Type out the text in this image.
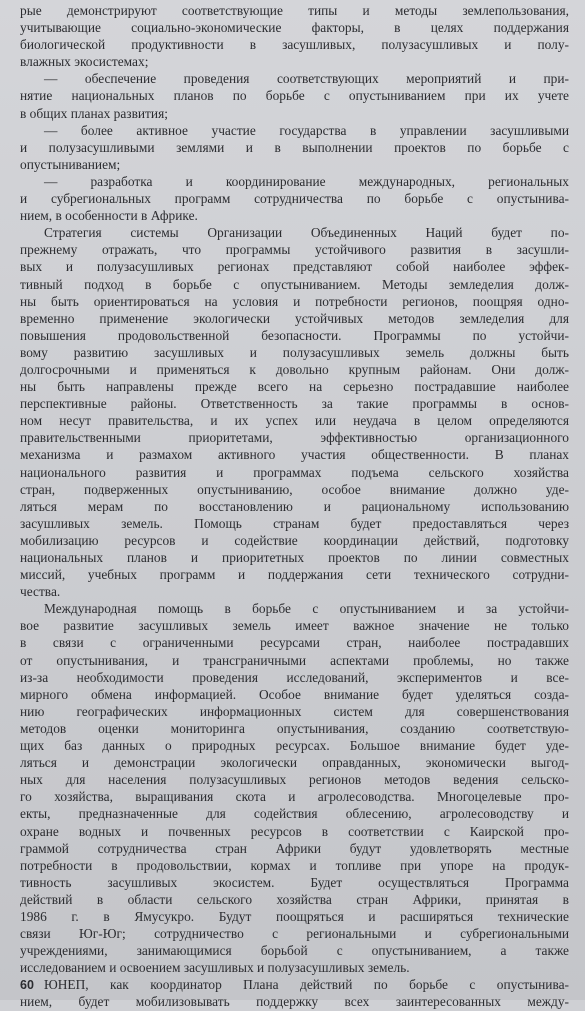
рые демонстрируют соответствующие типы и методы землепользования,
учитывающие социально-экономические факторы, в целях поддержания
биологической продуктивности в засушливых, полузасушливых и полу-
влажных экосистемах;
— обеспечение проведения соответствующих мероприятий и при-
нятие национальных планов по борьбе с опустыниванием при их учете
в общих планах развития;
— более активное участие государства в управлении засушливыми
и полузасушливыми землями и в выполнении проектов по борьбе с
опустыниванием;
— разработка и координирование международных, региональных
и субрегиональных программ сотрудничества по борьбе с опустынива-
нием, в особенности в Африке.
Стратегия системы Организации Объединенных Наций будет по-
прежнему отражать, что программы устойчивого развития в засушли-
вых и полузасушливых регионах представляют собой наиболее эффек-
тивный подход в борьбе с опустыниванием. Методы земледелия долж-
ны быть ориентироваться на условия и потребности регионов, поощряя одно-
временно применение экологически устойчивых методов земледелия для
повышения продовольственной безопасности. Программы по устойчи-
вому развитию засушливых и полузасушливых земель должны быть
долгосрочными и применяться к довольно крупным районам. Они долж-
ны быть направлены прежде всего на серьезно пострадавшие наиболее
перспективные районы. Ответственность за такие программы в основ-
ном несут правительства, и их успех или неудача в целом определяются
правительственными приоритетами, эффективностью организационного
механизма и размахом активного участия общественности. В планах
национального развития и программах подъема сельского хозяйства
стран, подверженных опустыниванию, особое внимание должно уде-
ляться мерам по восстановлению и рациональному использованию
засушливых земель. Помощь странам будет предоставляться через
мобилизацию ресурсов и содействие координации действий, подготовку
национальных планов и приоритетных проектов по линии совместных
миссий, учебных программ и поддержания сети технического сотрудни-
чества.
Международная помощь в борьбе с опустыниванием и за устойчи-
вое развитие засушливых земель имеет важное значение не только
в связи с ограниченными ресурсами стран, наиболее пострадавших
от опустынивания, и трансграничными аспектами проблемы, но также
из-за необходимости проведения исследований, экспериментов и все-
мирного обмена информацией. Особое внимание будет уделяться созда-
нию географических информационных систем для совершенствования
методов оценки мониторинга опустынивания, созданию соответствую-
щих баз данных о природных ресурсах. Большое внимание будет уде-
ляться и демонстрации экологически оправданных, экономически выгод-
ных для населения полузасушливых регионов методов ведения сельско-
го хозяйства, выращивания скота и агролесоводства. Многоцелевые про-
екты, предназначенные для содействия облесению, агролесоводству и
охране водных и почвенных ресурсов в соответствии с Каирской про-
граммой сотрудничества стран Африки будут удовлетворять местные
потребности в продовольствии, кормах и топливе при упоре на продук-
тивность засушливых экосистем. Будет осуществляться Программа
действий в области сельского хозяйства стран Африки, принятая в
1986 г. в Ямусукро. Будут поощряться и расширяться технические
связи Юг-Юг; сотрудничество с региональными и субрегиональными
учреждениями, занимающимися борьбой с опустыниванием, а также
исследованием и освоением засушливых и полузасушливых земель.
ЮНЕП, как координатор Плана действий по борьбе с опустынива-
нием, будет мобилизовывать поддержку всех заинтересованных между-
60
